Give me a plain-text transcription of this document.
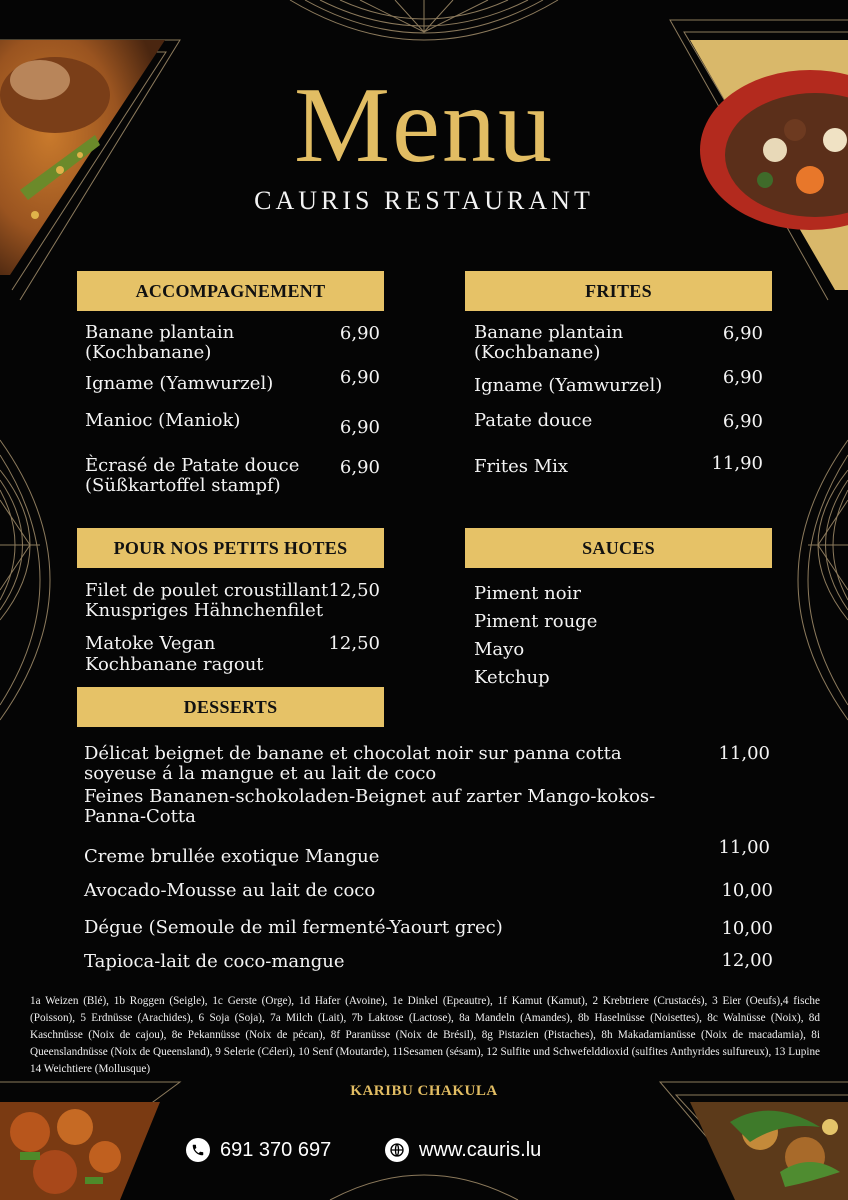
Menu
CAURIS RESTAURANT
ACCOMPAGNEMENT
Banane plantain
(Kochbanane)
6,90
Igname (Yamwurzel)	6,90
Manioc (Maniok)	6,90
Ècrasé de Patate douce
(Süßkartoffel stampf)
6,90
FRITES
Banane plantain
(Kochbanane)
6,90
Igname (Yamwurzel)	6,90
Patate douce	6,90
Frites Mix	11,90
POUR NOS PETITS HOTES
Filet de poulet croustillant
Knuspriges Hähnchenfilet
12,50
Matoke Vegan
Kochbanane ragout
12,50
SAUCES
Piment noir
Piment rouge
Mayo
Ketchup
DESSERTS
Délicat beignet de banane et chocolat noir sur panna cotta
soyeuse á la mangue et au lait de coco
Feines Bananen-schokoladen-Beignet auf zarter Mango-kokos-
Panna-Cotta
11,00
Creme brullée exotique Mangue	11,00
Avocado-Mousse au lait de coco	10,00
Dégue (Semoule de mil fermenté-Yaourt grec)	10,00
Tapioca-lait de coco-mangue	12,00
1a Weizen (Blé), 1b Roggen (Seigle), 1c Gerste (Orge), 1d Hafer (Avoine), 1e Dinkel (Epeautre), 1f Kamut (Kamut), 2 Krebtriere (Crustacés), 3 Eier (Oeufs),4 fische (Poisson), 5 Erdnüsse (Arachides), 6 Soja (Soja), 7a Milch (Lait), 7b Laktose (Lactose), 8a Mandeln (Amandes), 8b Haselnüsse (Noisettes), 8c Walnüsse (Noix), 8d Kaschnüsse (Noix de cajou), 8e Pekannüsse (Noix de pécan), 8f Paranüsse (Noix de Brésil), 8g Pistazien (Pistaches), 8h Makadamianüsse (Noix de macadamia), 8i Queenslandnüsse (Noix de Queensland), 9 Selerie (Céleri), 10 Senf (Moutarde), 11Sesamen (sésam), 12 Sulfite und Schwefelddioxid (sulfites Anthyrides sulfureux), 13 Lupine 14 Weichtiere (Mollusque)
KARIBU CHAKULA
691 370 697	www.cauris.lu
